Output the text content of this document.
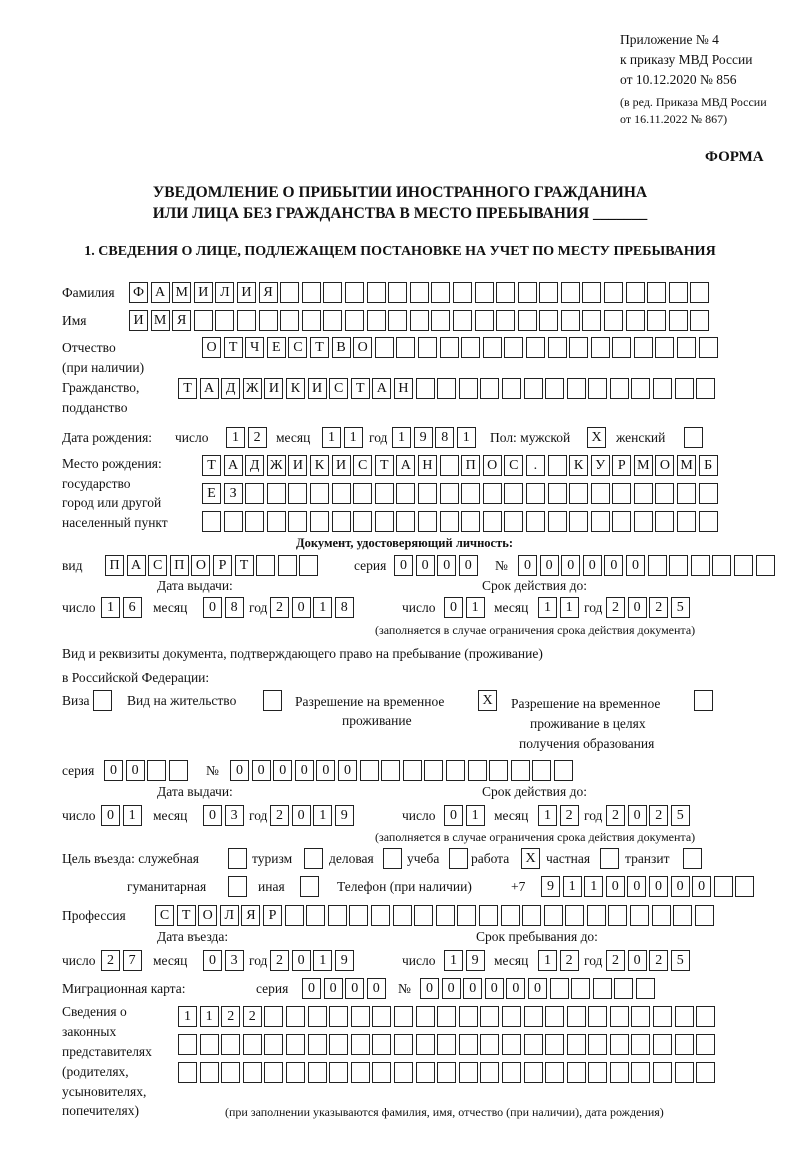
Приложение № 4
к приказу МВД России
от 10.12.2020 № 856
(в ред. Приказа МВД России
от 16.11.2022 № 867)
ФОРМА
УВЕДОМЛЕНИЕ О ПРИБЫТИИ ИНОСТРАННОГО ГРАЖДАНИНА
ИЛИ ЛИЦА БЕЗ ГРАЖДАНСТВА В МЕСТО ПРЕБЫВАНИЯ _______
1. СВЕДЕНИЯ О ЛИЦЕ, ПОДЛЕЖАЩЕМ ПОСТАНОВКЕ НА УЧЕТ ПО МЕСТУ ПРЕБЫВАНИЯ
Фамилия Ф А М И Л И Я
Имя	И М Я
Отчество
(при наличии)
О Т Ч Е С Т В О
Гражданство,
подданство
Т А Д Ж И К И С Т А Н
Дата рождения: число	1	2	месяц	1	1 год 1	9	8	1	Пол: мужской	X	женский
Место рождения:
государство
город или другой
населенный пункт
Т А Д Ж И К И С Т А Н	П О С	.	К У Р М О М Б
Е З
Документ, удостоверяющий личность:
вид	П А С П О Р Т	серия 0	0	0	0	№	0	0	0	0	0	0
Дата выдачи:	Срок действия до:
число 1	6	месяц	0	8 год 2	0	1	8	число	0	1	месяц	1	1 год 2	0	2	5
(заполняется в случае ограничения срока действия документа)
Вид и реквизиты документа, подтверждающего право на пребывание (проживание)
в Российской Федерации:
Виза	Вид на жительство	Разрешение на временное
проживание
X	Разрешение на временное
проживание в целях
получения образования
серия	0	0	№	0	0	0	0	0	0
Дата выдачи:	Срок действия до:
число 0	1	месяц	0	3 год 2	0	1	9	число	0	1	месяц	1	2 год 2	0	2	5
(заполняется в случае ограничения срока действия документа)
Цель въезда: служебная	туризм	деловая учеба работа	X частная	транзит
гуманитарная	иная	Телефон (при наличии)	+7	9	1	1	0	0	0	0	0
Профессия	С Т О Л Я Р
Дата въезда:	Срок пребывания до:
число 2	7	месяц	0	3 год 2	0	1	9	число	1	9	месяц	1	2 год 2	0	2	5
Миграционная карта:	серия	0	0	0	0	№	0	0	0	0	0	0
Сведения о
законных
представителях
(родителях,
усыновителях,
попечителях)
1	1	2	2
(при заполнении указываются фамилия, имя, отчество (при наличии), дата рождения)
